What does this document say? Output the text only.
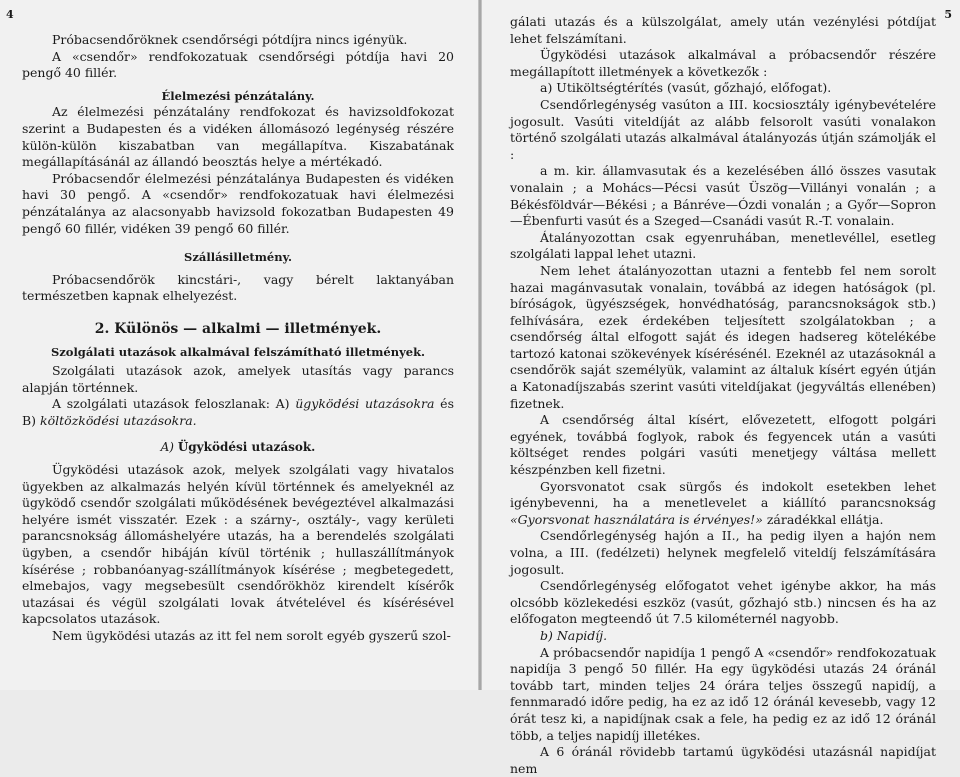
4

Próbacsendőröknek csendőrségi pótdíjra nincs igényük.

A «csendőr» rendfokozatuak csendőrségi pótdíja havi 20 pengő 40 fillér.

Élelmezési pénzátalány.

Az élelmezési pénzátalány rendfokozat és havizsoldfokozat szerint a Budapesten és a vidéken állomásozó legénység részére külön-külön kiszabatban van megállapítva. Kiszabatának megállapításánál az állandó beosztás helye a mértékadó.

Próbacsendőr élelmezési pénzátalánya Budapesten és vidéken havi 30 pengő. A «csendőr» rendfokozatuak havi élelmezési pénzátalánya az alacsonyabb havizsold fokozatban Budapesten 49 pengő 60 fillér, vidéken 39 pengő 60 fillér.

Szállásilletmény.

Próbacsendőrök kincstári-, vagy bérelt laktanyában természetben kapnak elhelyezést.

2. Különös — alkalmi — illetmények.

Szolgálati utazások alkalmával felszámítható illetmények.

Szolgálati utazások azok, amelyek utasítás vagy parancs alapján történnek.

A szolgálati utazások feloszlanak: A) ügyködési utazásokra és B) költözködési utazásokra.

A) Ügyködési utazások.

Ügyködési utazások azok, melyek szolgálati vagy hivatalos ügyekben az alkalmazás helyén kívül történnek és amelyeknél az ügyködő csendőr szolgálati működésének bevégeztével alkalmazási helyére ismét visszatér. Ezek : a szárny-, osztály-, vagy kerületi parancsnokság állomáshelyére utazás, ha a berendelés szolgálati ügyben, a csendőr hibáján kívül történik ; hullaszállítmányok kísérése ; robbanóanyag-szállítmányok kísérése ; megbetegedett, elmebajos, vagy megsebesült csendőrökhöz kirendelt kísérők utazásai és végül szolgálati lovak átvételével és kísérésével kapcsolatos utazások.

Nem ügyködési utazás az itt fel nem sorolt egyéb gyszerű szol-

5

gálati utazás és a külszolgálat, amely után vezénylési pótdíjat lehet felszámítani.

Ügyködési utazások alkalmával a próbacsendőr részére megállapított illetmények a következők :

a) Utiköltségtérítés (vasút, gőzhajó, előfogat).

Csendőrlegénység vasúton a III. kocsiosztály igénybevételére jogosult. Vasúti viteldíját az alább felsorolt vasúti vonalakon történő szolgálati utazás alkalmával átalányozás útján számolják el :

a m. kir. államvasutak és a kezelésében álló összes vasutak vonalain ; a Mohács—Pécsi vasút Üszög—Villányi vonalán ; a Békésföldvár—Békési ; a Bánréve—Ózdi vonalán ; a Győr—Sopron—Ébenfurti vasút és a Szeged—Csanádi vasút R.-T. vonalain.

Átalányozottan csak egyenruhában, menetlevéllel, esetleg szolgálati lappal lehet utazni.

Nem lehet átalányozottan utazni a fentebb fel nem sorolt hazai magánvasutak vonalain, továbbá az idegen hatóságok (pl. bíróságok, ügyészségek, honvédhatóság, parancsnokságok stb.) felhívására, ezek érdekében teljesített szolgálatokban ; a csendőrség által elfogott saját és idegen hadsereg kötelékébe tartozó katonai szökevények kísérésénél. Ezeknél az utazásoknál a csendőrök saját személyük, valamint az általuk kísért egyén útján a Katonadíjszabás szerint vasúti viteldíjakat (jegyváltás ellenében) fizetnek.

A csendőrség által kísért, elővezetett, elfogott polgári egyének, továbbá foglyok, rabok és fegyencek után a vasúti költséget rendes polgári vasúti menetjegy váltása mellett készpénzben kell fizetni.

Gyorsvonatot csak sürgős és indokolt esetekben lehet igénybevenni, ha a menetlevelet a kiállító parancsnokság «Gyorsvonat használatára is érvényes!» záradékkal ellátja.

Csendőrlegénység hajón a II., ha pedig ilyen a hajón nem volna, a III. (fedélzeti) helynek megfelelő viteldíj felszámítására jogosult.

Csendőrlegénység előfogatot vehet igénybe akkor, ha más olcsóbb közlekedési eszköz (vasút, gőzhajó stb.) nincsen és ha az előfogaton megteendő út 7.5 kilométernél nagyobb.

b) Napidíj.

A próbacsendőr napidíja 1 pengő A «csendőr» rendfokozatuak napidíja 3 pengő 50 fillér. Ha egy ügyködési utazás 24 óránál tovább tart, minden teljes 24 órára teljes összegű napidíj, a fennmaradó időre pedig, ha ez az idő 12 óránál kevesebb, vagy 12 órát tesz ki, a napidíjnak csak a fele, ha pedig ez az idő 12 óránál több, a teljes napidíj illetékes.

A 6 óránál rövidebb tartamú ügyködési utazásnál napidíjat nem
